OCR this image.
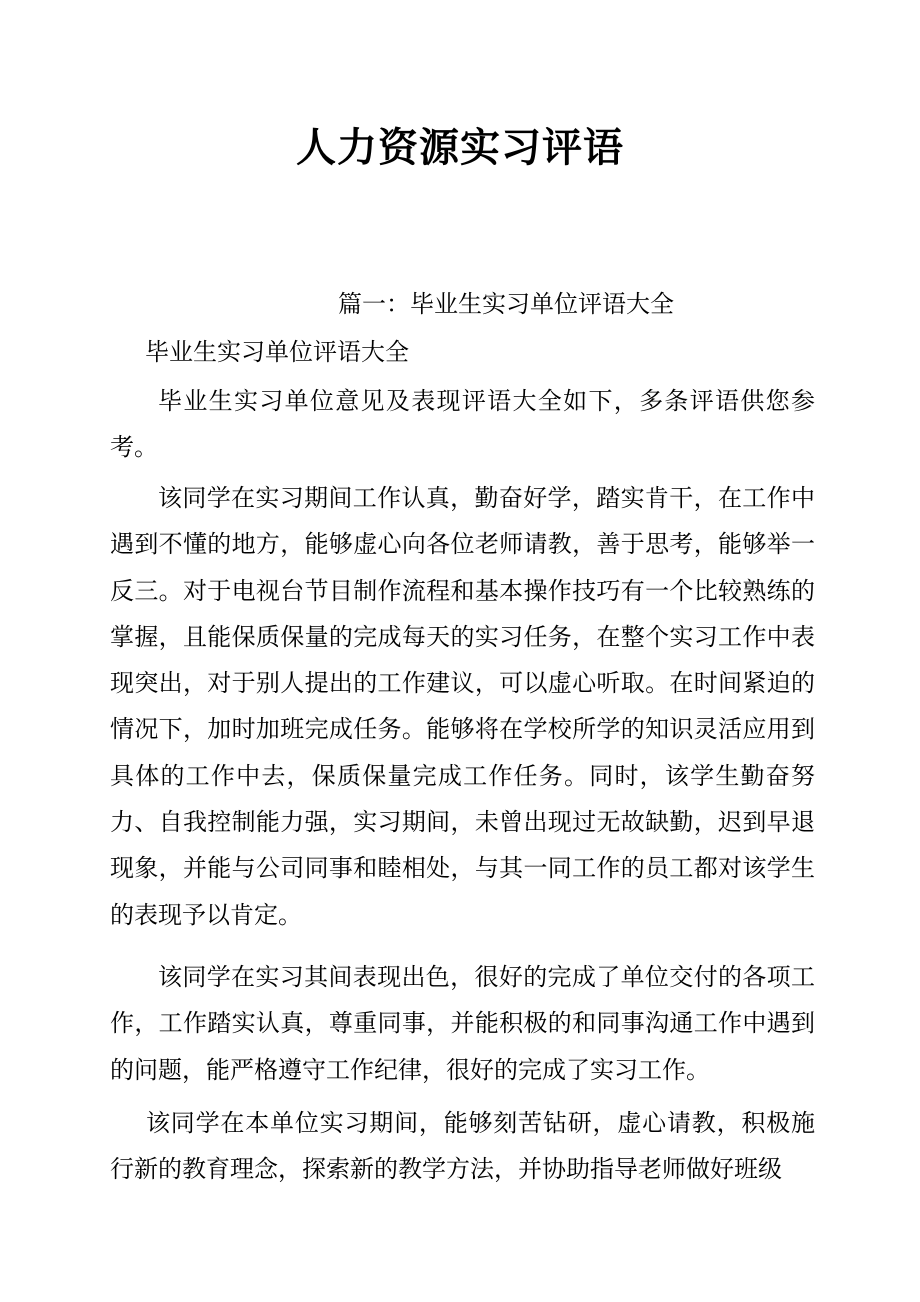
人力资源实习评语
篇一：毕业生实习单位评语大全
毕业生实习单位评语大全

毕业生实习单位意见及表现评语大全如下，多条评语供您参考。

该同学在实习期间工作认真，勤奋好学，踏实肯干，在工作中遇到不懂的地方，能够虚心向各位老师请教，善于思考，能够举一反三。对于电视台节目制作流程和基本操作技巧有一个比较熟练的掌握，且能保质保量的完成每天的实习任务，在整个实习工作中表现突出，对于别人提出的工作建议，可以虚心听取。在时间紧迫的情况下，加时加班完成任务。能够将在学校所学的知识灵活应用到具体的工作中去，保质保量完成工作任务。同时，该学生勤奋努力、自我控制能力强，实习期间，未曾出现过无故缺勤，迟到早退现象，并能与公司同事和睦相处，与其一同工作的员工都对该学生的表现予以肯定。

该同学在实习其间表现出色，很好的完成了单位交付的各项工作，工作踏实认真，尊重同事，并能积极的和同事沟通工作中遇到的问题，能严格遵守工作纪律，很好的完成了实习工作。

该同学在本单位实习期间，能够刻苦钻研，虚心请教，积极施行新的教育理念，探索新的教学方法，并协助指导老师做好班级
